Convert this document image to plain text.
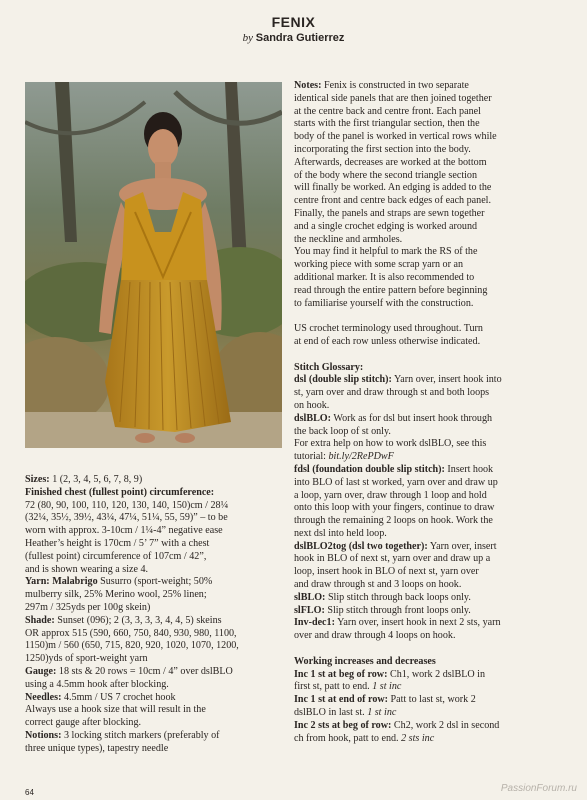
FENIX
by Sandra Gutierrez

Sizes: 1 (2, 3, 4, 5, 6, 7, 8, 9)

Finished chest (fullest point) circumference:

72 (80, 90, 100, 110, 120, 130, 140, 150)cm / 28¼

(32¼, 35½, 39½, 43¼, 47¼, 51¼, 55, 59)” – to be

worn with approx. 3-10cm / 1¼-4” negative ease

Heather’s height is 170cm / 5’ 7” with a chest

(fullest point) circumference of 107cm / 42”,

and is shown wearing a size 4.

Yarn: Malabrigo Susurro (sport-weight; 50%

mulberry silk, 25% Merino wool, 25% linen;

297m / 325yds per 100g skein)

Shade: Sunset (096); 2 (3, 3, 3, 3, 4, 4, 5) skeins

OR approx 515 (590, 660, 750, 840, 930, 980, 1100,

1150)m / 560 (650, 715, 820, 920, 1020, 1070, 1200,

1250)yds of sport-weight yarn

Gauge: 18 sts & 20 rows = 10cm / 4” over dslBLO

using a 4.5mm hook after blocking.

Needles: 4.5mm / US 7 crochet hook

Always use a hook size that will result in the

correct gauge after blocking.

Notions: 3 locking stitch markers (preferably of

three unique types), tapestry needle

Notes: Fenix is constructed in two separate

identical side panels that are then joined together

at the centre back and centre front. Each panel

starts with the first triangular section, then the

body of the panel is worked in vertical rows while

incorporating the first section into the body.

Afterwards, decreases are worked at the bottom

of the body where the second triangle section

will finally be worked. An edging is added to the

centre front and centre back edges of each panel.

Finally, the panels and straps are sewn together

and a single crochet edging is worked around

the neckline and armholes.

You may find it helpful to mark the RS of the

working piece with some scrap yarn or an

additional marker. It is also recommended to

read through the entire pattern before beginning

to familiarise yourself with the construction.

US crochet terminology used throughout. Turn

at end of each row unless otherwise indicated.

Stitch Glossary:

dsl (double slip stitch): Yarn over, insert hook into

st, yarn over and draw through st and both loops

on hook.

dslBLO: Work as for dsl but insert hook through

the back loop of st only.

For extra help on how to work dslBLO, see this

tutorial: bit.ly/2RePDwF

fdsl (foundation double slip stitch): Insert hook

into BLO of last st worked, yarn over and draw up

a loop, yarn over, draw through 1 loop and hold

onto this loop with your fingers, continue to draw

through the remaining 2 loops on hook. Work the

next dsl into held loop.

dslBLO2tog (dsl two together): Yarn over, insert

hook in BLO of next st, yarn over and draw up a

loop, insert hook in BLO of next st, yarn over

and draw through st and 3 loops on hook.

slBLO: Slip stitch through back loops only.

slFLO: Slip stitch through front loops only.

Inv-dec1: Yarn over, insert hook in next 2 sts, yarn

over and draw through 4 loops on hook.

Working increases and decreases

Inc 1 st at beg of row: Ch1, work 2 dslBLO in

first st, patt to end. 1 st inc

Inc 1 st at end of row: Patt to last st, work 2

dslBLO in last st. 1 st inc

Inc 2 sts at beg of row: Ch2, work 2 dsl in second

ch from hook, patt to end. 2 sts inc

64	PassionForum.ru
